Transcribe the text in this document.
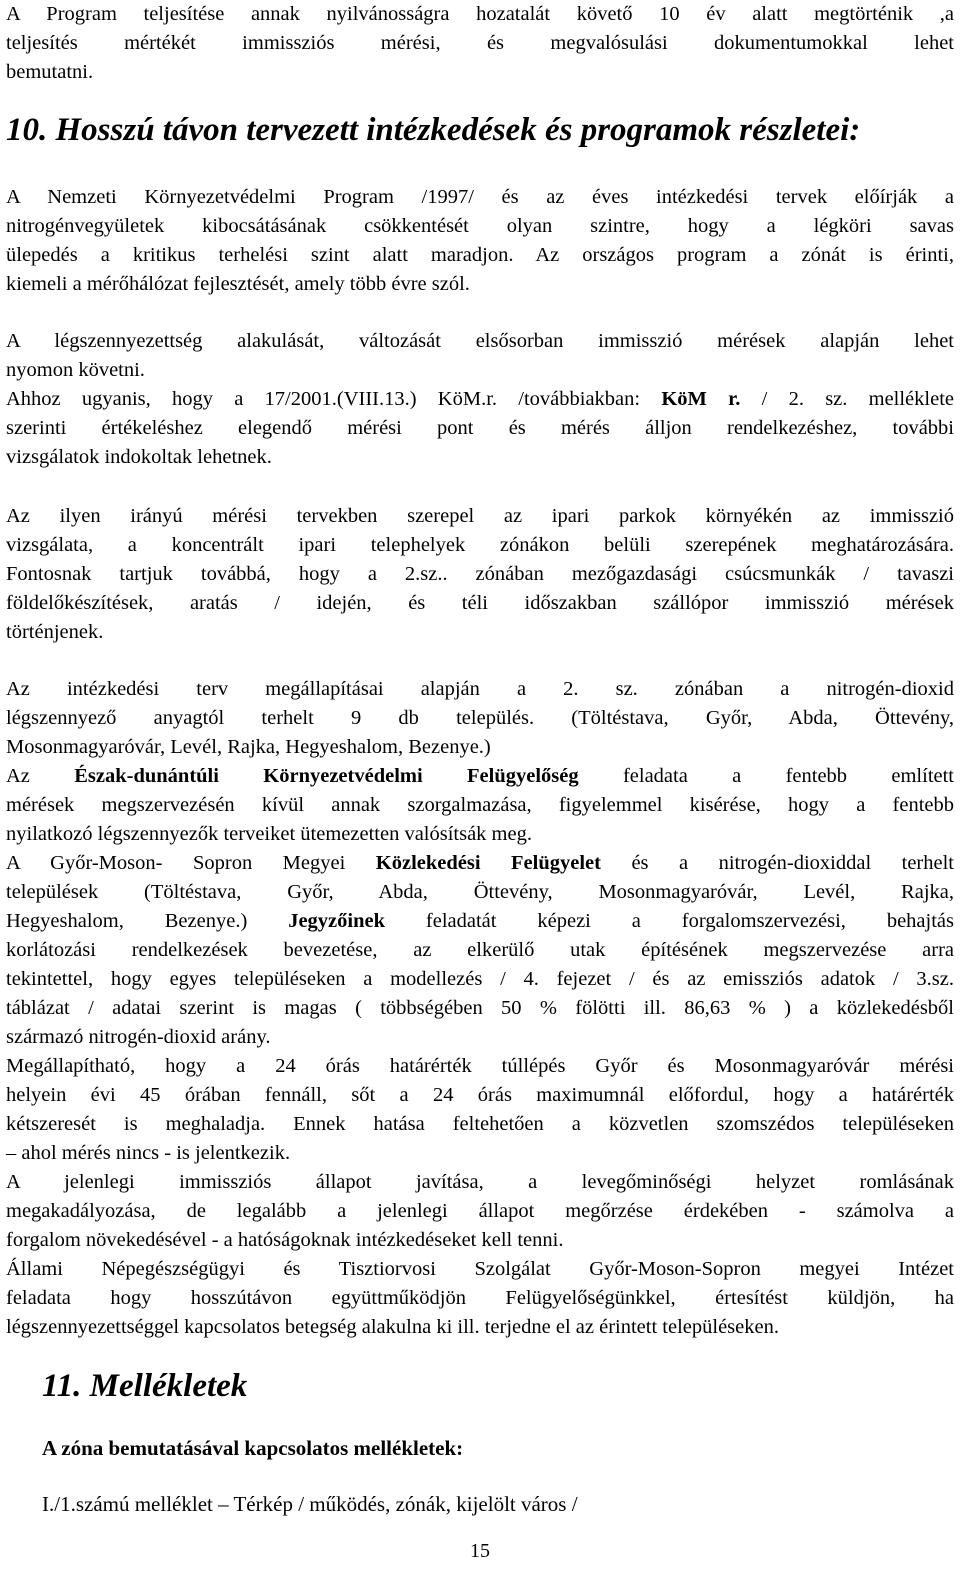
A Program teljesítése annak nyilvánosságra hozatalát követő 10 év alatt megtörténik ,a
teljesítés mértékét immissziós mérési, és megvalósulási dokumentumokkal lehet
bemutatni.
10. Hosszú távon tervezett intézkedések és programok részletei:
A Nemzeti Környezetvédelmi Program /1997/ és az éves intézkedési tervek előírják a
nitrogénvegyületek kibocsátásának csökkentését olyan szintre, hogy a légköri savas
ülepedés a kritikus terhelési szint alatt maradjon. Az országos program a zónát is érinti,
kiemeli a mérőhálózat fejlesztését, amely több évre szól.
A légszennyezettség alakulását, változását elsősorban immisszió mérések alapján lehet
nyomon követni.
Ahhoz ugyanis, hogy a 17/2001.(VIII.13.) KöM.r. /továbbiakban: KöM r. / 2. sz. melléklete
szerinti értékeléshez elegendő mérési pont és mérés álljon rendelkezéshez, további
vizsgálatok indokoltak lehetnek.
Az ilyen irányú mérési tervekben szerepel az ipari parkok környékén az immisszió
vizsgálata, a koncentrált ipari telephelyek zónákon belüli szerepének meghatározására.
Fontosnak tartjuk továbbá, hogy a 2.sz.. zónában mezőgazdasági csúcsmunkák / tavaszi
földelőkészítések, aratás / idején, és téli időszakban szállópor immisszió mérések
történjenek.
Az intézkedési terv megállapításai alapján a 2. sz. zónában a nitrogén-dioxid
légszennyező anyagtól terhelt 9 db település. (Töltéstava, Győr, Abda, Öttevény,
Mosonmagyaróvár, Levél, Rajka, Hegyeshalom, Bezenye.)
Az Észak-dunántúli Környezetvédelmi Felügyelőség feladata a fentebb említett
mérések megszervezésén kívül annak szorgalmazása, figyelemmel kisérése, hogy a fentebb
nyilatkozó légszennyezők terveiket ütemezetten valósítsák meg.
A Győr-Moson- Sopron Megyei Közlekedési Felügyelet és a nitrogén-dioxiddal terhelt
települések (Töltéstava, Győr, Abda, Öttevény, Mosonmagyaróvár, Levél, Rajka,
Hegyeshalom, Bezenye.) Jegyzőinek feladatát képezi a forgalomszervezési, behajtás
korlátozási rendelkezések bevezetése, az elkerülő utak építésének megszervezése arra
tekintettel, hogy egyes településeken a modellezés / 4. fejezet / és az emissziós adatok / 3.sz.
táblázat / adatai szerint is magas ( többségében 50 % fölötti ill. 86,63 % ) a közlekedésből
származó nitrogén-dioxid arány.
Megállapítható, hogy a 24 órás határérték túllépés Győr és Mosonmagyaróvár mérési
helyein évi 45 órában fennáll, sőt a 24 órás maximumnál előfordul, hogy a határérték
kétszeresét is meghaladja. Ennek hatása feltehetően a közvetlen szomszédos településeken
– ahol mérés nincs - is jelentkezik.
A jelenlegi immissziós állapot javítása, a levegőminőségi helyzet romlásának
megakadályozása, de legalább a jelenlegi állapot megőrzése érdekében - számolva a
forgalom növekedésével - a hatóságoknak intézkedéseket kell tenni.
Állami Népegészségügyi és Tisztiorvosi Szolgálat Győr-Moson-Sopron megyei Intézet
feladata hogy hosszútávon együttműködjön Felügyelőségünkkel, értesítést küldjön, ha
légszennyezettséggel kapcsolatos betegség alakulna ki ill. terjedne el az érintett településeken.
11. Mellékletek
A zóna bemutatásával kapcsolatos mellékletek:
I./1.számú melléklet – Térkép / működés, zónák, kijelölt város /
15
